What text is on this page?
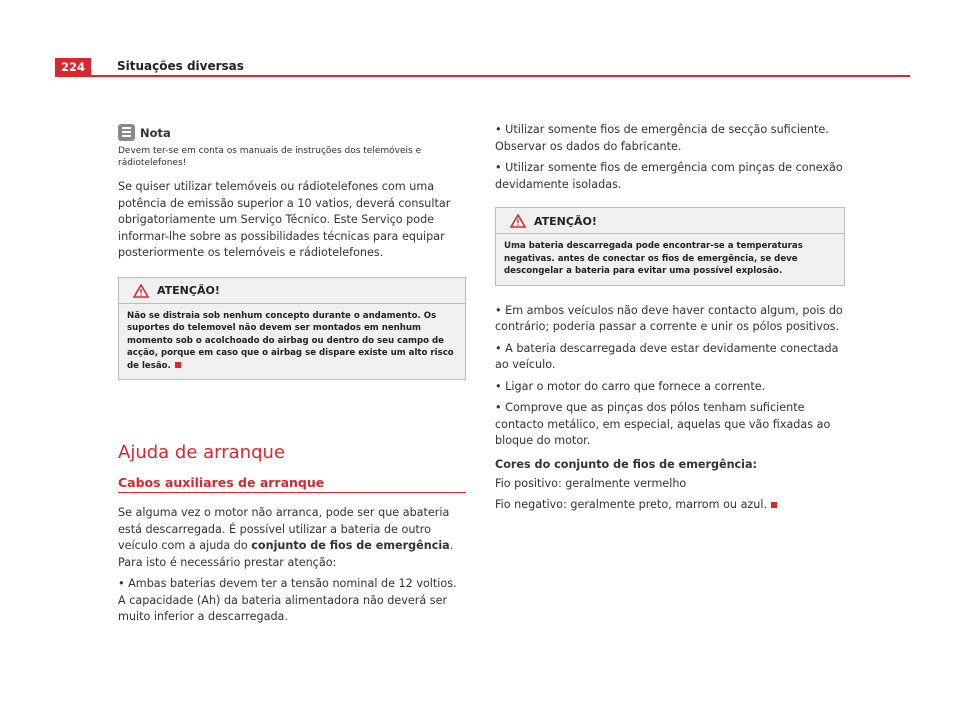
224	Situações diversas
Nota

Devem ter-se em conta os manuais de instruções dos telemóveis e rádiotelefones!

Se quiser utilizar telemóveis ou rádiotelefones com uma potência de emissão superior a 10 vatios, deverá consultar obrigatoriamente um Serviço Técnico. Este Serviço pode informar-lhe sobre as possibilidades técnicas para equipar posteriormente os telemóveis e rádiotelefones.

ATENÇÃO!
Não se distraia sob nenhum concepto durante o andamento. Os suportes do telemovel não devem ser montados em nenhum momento sob o acolchoado do airbag ou dentro do seu campo de acção, porque em caso que o airbag se dispare existe um alto risco de lesão.
Ajuda de arranque
Cabos auxiliares de arranque

Se alguma vez o motor não arranca, pode ser que abateria está descarregada. É possível utilizar a bateria de outro veículo com a ajuda do conjunto de fios de emergência. Para isto é necessário prestar atenção:

• Ambas baterias devem ter a tensão nominal de 12 voltios. A capacidade (Ah) da bateria alimentadora não deverá ser muito inferior a descarregada.

• Utilizar somente fios de emergência de secção suficiente. Observar os dados do fabricante.

• Utilizar somente fios de emergência com pinças de conexão devidamente isoladas.

ATENÇÃO!
Uma bateria descarregada pode encontrar-se a temperaturas negativas. antes de conectar os fios de emergência, se deve descongelar a bateria para evitar uma possível explosão.

• Em ambos veículos não deve haver contacto algum, pois do contrário; poderia passar a corrente e unir os pólos positivos.

• A bateria descarregada deve estar devidamente conectada ao veículo.

• Ligar o motor do carro que fornece a corrente.

• Comprove que as pinças dos pólos tenham suficiente contacto metálico, em especial, aquelas que vão fixadas ao bloque do motor.

Cores do conjunto de fios de emergência:

Fio positivo: geralmente vermelho

Fio negativo: geralmente preto, marrom ou azul.
